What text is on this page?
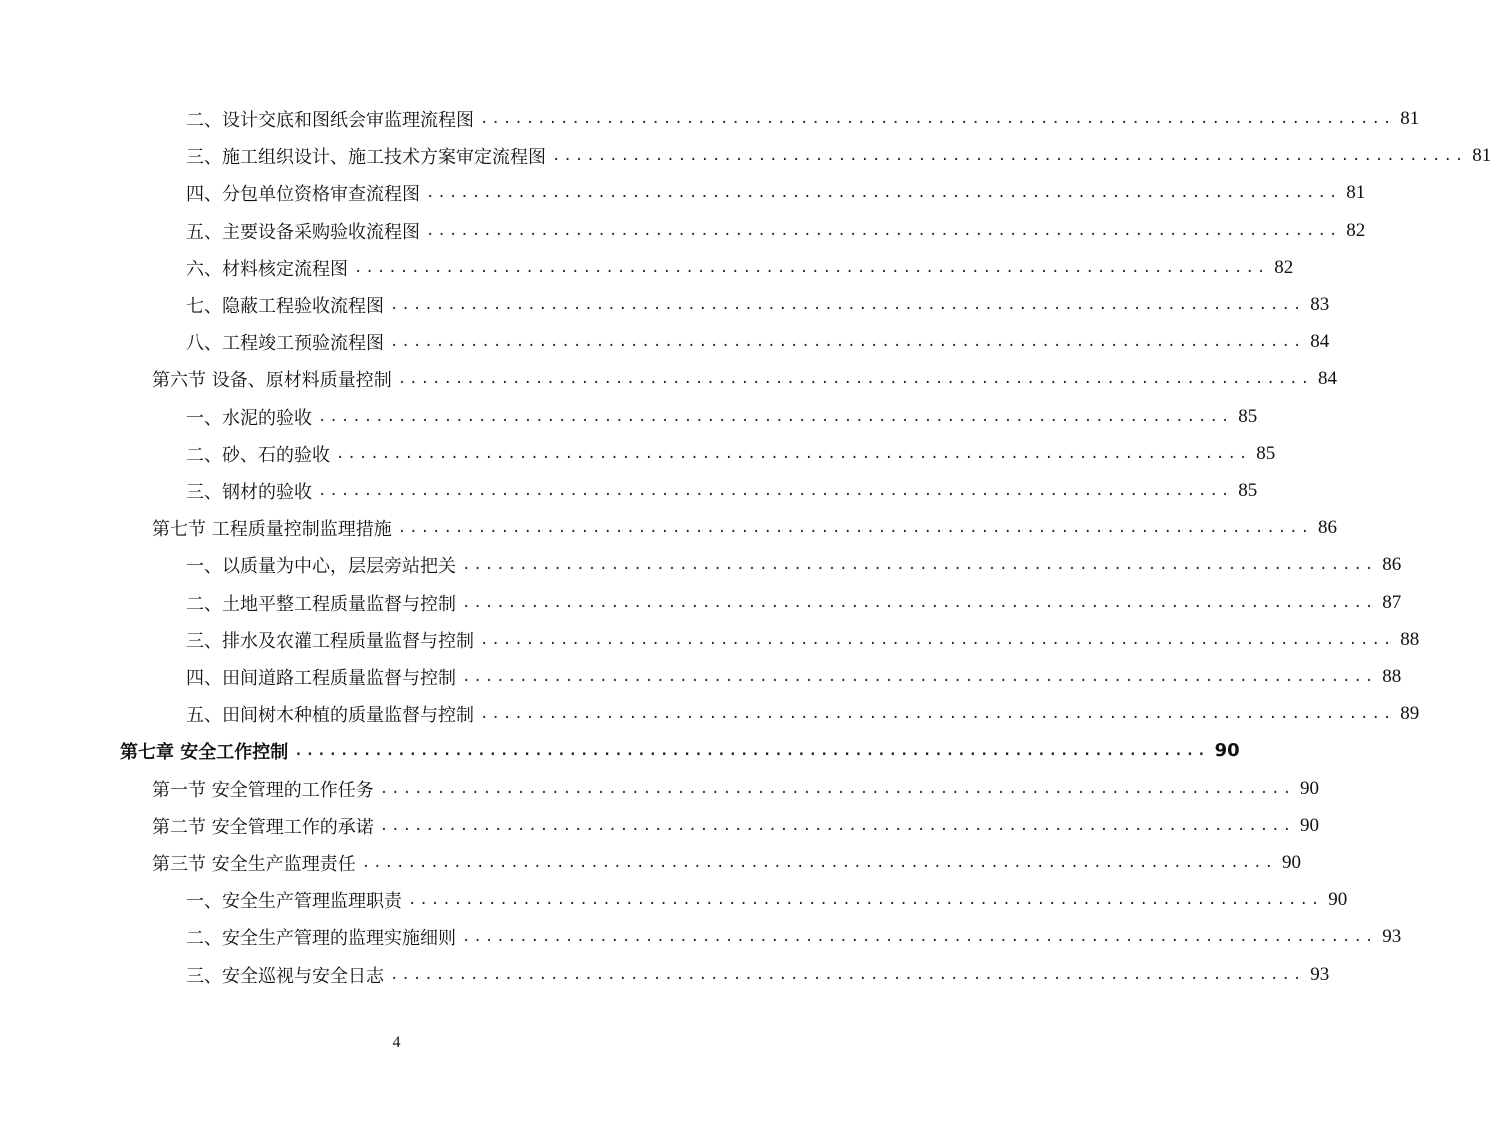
二、设计交底和图纸会审监理流程图 ................................................................................ 81
三、施工组织设计、施工技术方案审定流程图 ................................................................................ 81
四、分包单位资格审查流程图 ................................................................................ 81
五、主要设备采购验收流程图 ................................................................................ 82
六、材料核定流程图 ................................................................................ 82
七、隐蔽工程验收流程图 ................................................................................ 83
八、工程竣工预验流程图 ................................................................................ 84
第六节 设备、原材料质量控制 ................................................................................ 84
一、水泥的验收 ................................................................................ 85
二、砂、石的验收 ................................................................................ 85
三、钢材的验收 ................................................................................ 85
第七节 工程质量控制监理措施 ................................................................................ 86
一、以质量为中心，层层旁站把关 ................................................................................ 86
二、土地平整工程质量监督与控制 ................................................................................ 87
三、排水及农灌工程质量监督与控制 ................................................................................ 88
四、田间道路工程质量监督与控制 ................................................................................ 88
五、田间树木种植的质量监督与控制 ................................................................................ 89
第七章 安全工作控制 ................................................................................ 90
第一节 安全管理的工作任务 ................................................................................ 90
第二节 安全管理工作的承诺 ................................................................................ 90
第三节 安全生产监理责任 ................................................................................ 90
一、安全生产管理监理职责 ................................................................................ 90
二、安全生产管理的监理实施细则 ................................................................................ 93
三、安全巡视与安全日志 ................................................................................ 93
4
